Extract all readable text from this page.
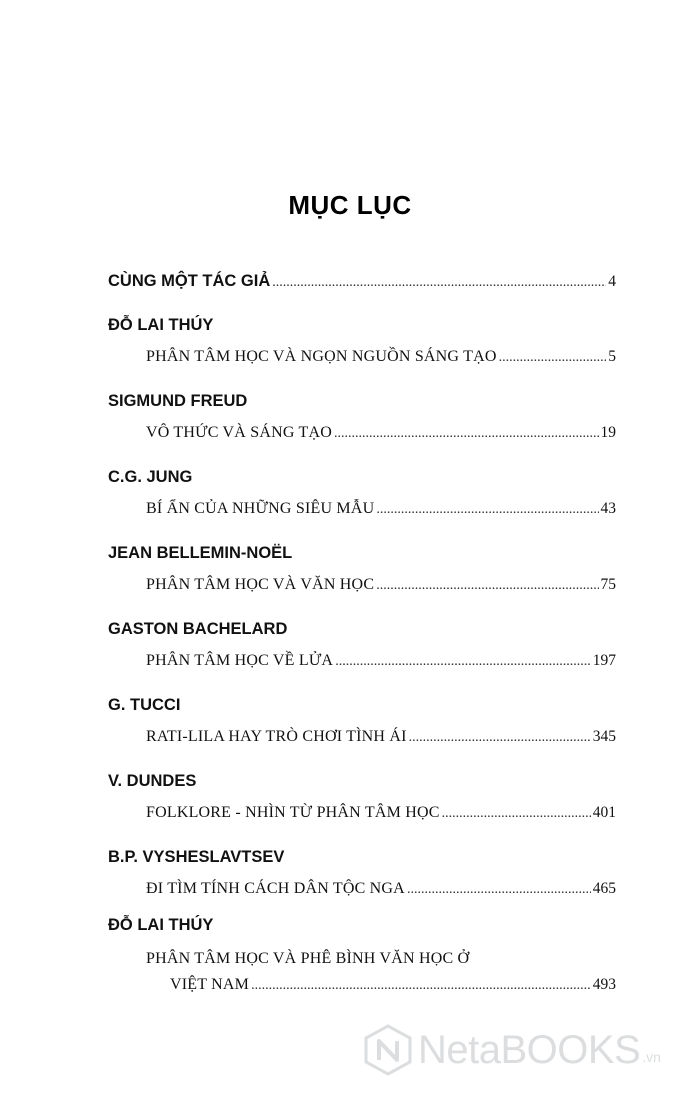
MỤC LỤC
CÙNG MỘT TÁC GIẢ .....	4
ĐỖ LAI THÚY
PHÂN TÂM HỌC VÀ NGỌN NGUỒN SÁNG TẠO .....	5
SIGMUND FREUD
VÔ THỨC VÀ SÁNG TẠO .....	19
C.G. JUNG
BÍ ẨN CỦA NHỮNG SIÊU MẪU .....	43
JEAN BELLEMIN-NOËL
PHÂN TÂM HỌC VÀ VĂN HỌC .....	75
GASTON BACHELARD
PHÂN TÂM HỌC VỀ LỬA .....	197
G. TUCCI
RATI-LILA HAY TRÒ CHƠI TÌNH ÁI .....	345
V. DUNDES
FOLKLORE - NHÌN TỪ PHÂN TÂM HỌC .....	401
B.P. VYSHESLAVTSEV
ĐI TÌM TÍNH CÁCH DÂN TỘC NGA .....	465
ĐỖ LAI THÚY
PHÂN TÂM HỌC VÀ PHÊ BÌNH VĂN HỌC Ở
VIỆT NAM .....	493
NetaBOOKS .vn
